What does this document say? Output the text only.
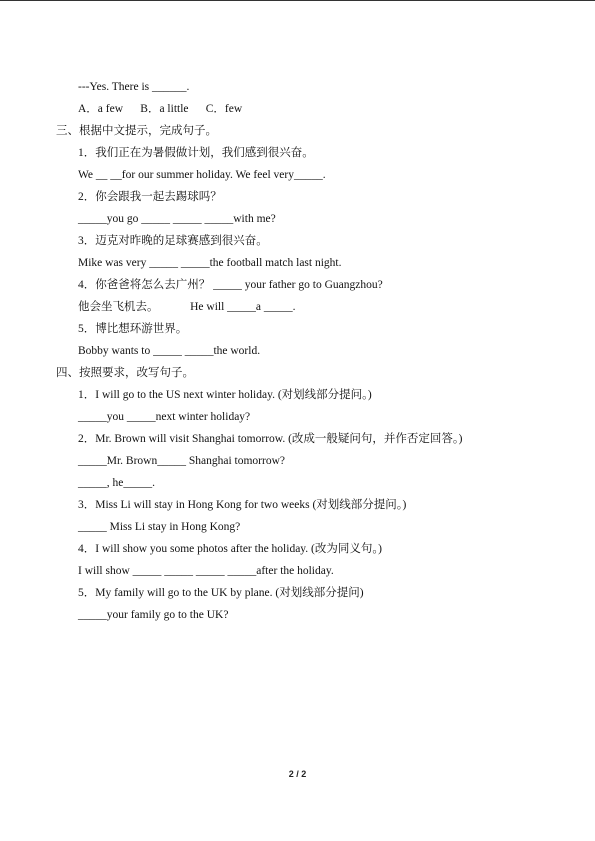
---Yes. There is ______.
A．a few      B．a little      C．few
三、根据中文提示，完成句子。
1．我们正在为暑假做计划，我们感到很兴奋。
We __ __for our summer holiday. We feel very_____.
2．你会跟我一起去踢球吗？
_____you go _____ _____ _____with me?
3．迈克对昨晚的足球赛感到很兴奋。
Mike was very _____ _____the football match last night.
4．你爸爸将怎么去广州？ _____ your father go to Guangzhou?
他会坐飞机去。           He will _____a _____.
5．博比想环游世界。
Bobby wants to _____ _____the world.
四、按照要求，改写句子。
1．I will go to the US next winter holiday. (对划线部分提问。)
_____you _____next winter holiday?
2．Mr. Brown will visit Shanghai tomorrow. (改成一般疑问句，并作否定回答。)
_____Mr. Brown_____ Shanghai tomorrow?
_____, he_____.
3．Miss Li will stay in Hong Kong for two weeks (对划线部分提问。)
_____ Miss Li stay in Hong Kong?
4．I will show you some photos after the holiday. (改为同义句。)
I will show _____ _____ _____ _____after the holiday.
5．My family will go to the UK by plane. (对划线部分提问)
_____your family go to the UK?
2 / 2
